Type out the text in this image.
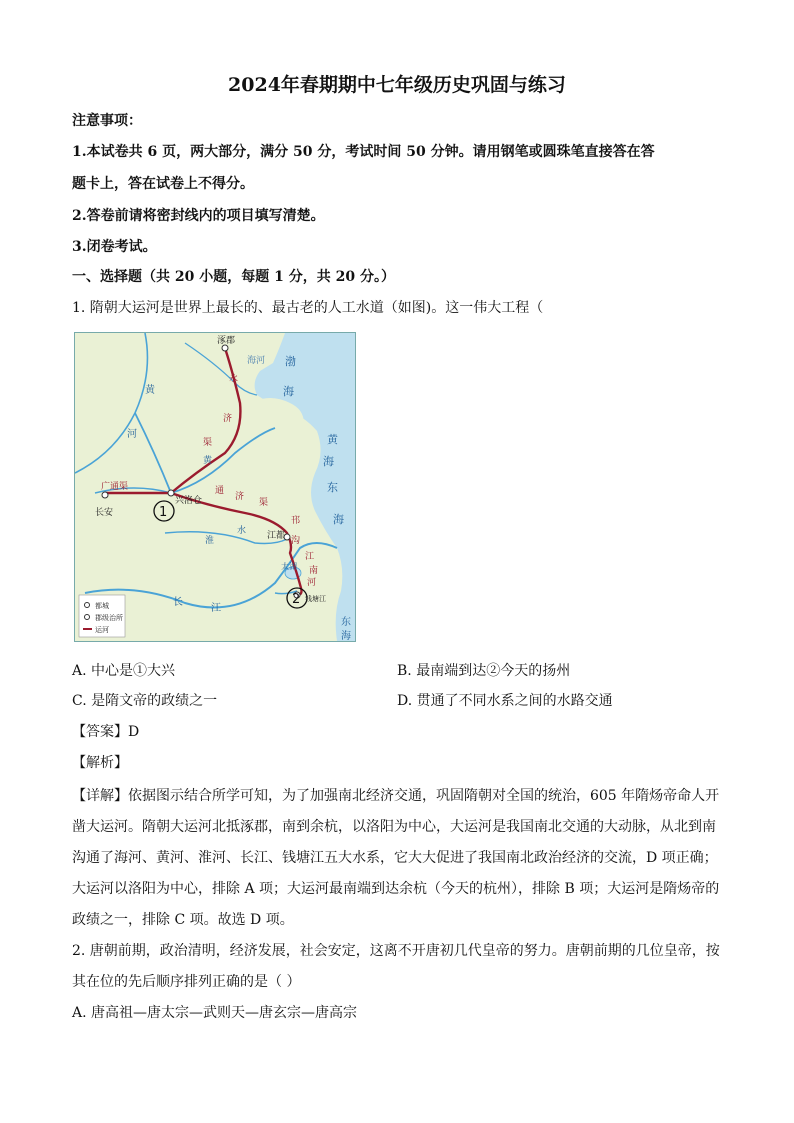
2024年春期期中七年级历史巩固与练习
注意事项：
1.本试卷共 6 页，两大部分，满分 50 分，考试时间 50 分钟。请用钢笔或圆珠笔直接答在答
题卡上，答在试卷上不得分。
2.答卷前请将密封线内的项目填写清楚。
3.闭卷考试。
一、选择题（共 20 小题，每题 1 分，共 20 分。）
1. 隋朝大运河是世界上最长的、最古老的人工水道（如图)。这一伟大工程（
涿郡
海河
永
济
渠
渤
海
黄
河	黄
海
东
海
广通渠
长安
兴洛仓
1
黄
通
济
渠
淮
水
邗
沟
江都
江
南
河
太湖
2 钱塘江
长
江
东
海
都城
郡级治所
运河
A. 中心是①大兴	B. 最南端到达②今天的扬州
C. 是隋文帝的政绩之一	D. 贯通了不同水系之间的水路交通
【答案】D
【解析】
【详解】依据图示结合所学可知，为了加强南北经济交通，巩固隋朝对全国的统治，605 年隋炀帝命人开
凿大运河。隋朝大运河北抵涿郡，南到余杭，以洛阳为中心，大运河是我国南北交通的大动脉，从北到南
沟通了海河、黄河、淮河、长江、钱塘江五大水系，它大大促进了我国南北政治经济的交流，D 项正确；
大运河以洛阳为中心，排除 A 项；大运河最南端到达余杭（今天的杭州），排除 B 项；大运河是隋炀帝的
政绩之一，排除 C 项。故选 D 项。
2. 唐朝前期，政治清明，经济发展，社会安定，这离不开唐初几代皇帝的努力。唐朝前期的几位皇帝，按
其在位的先后顺序排列正确的是（ ）
A. 唐高祖—唐太宗—武则天—唐玄宗—唐高宗
